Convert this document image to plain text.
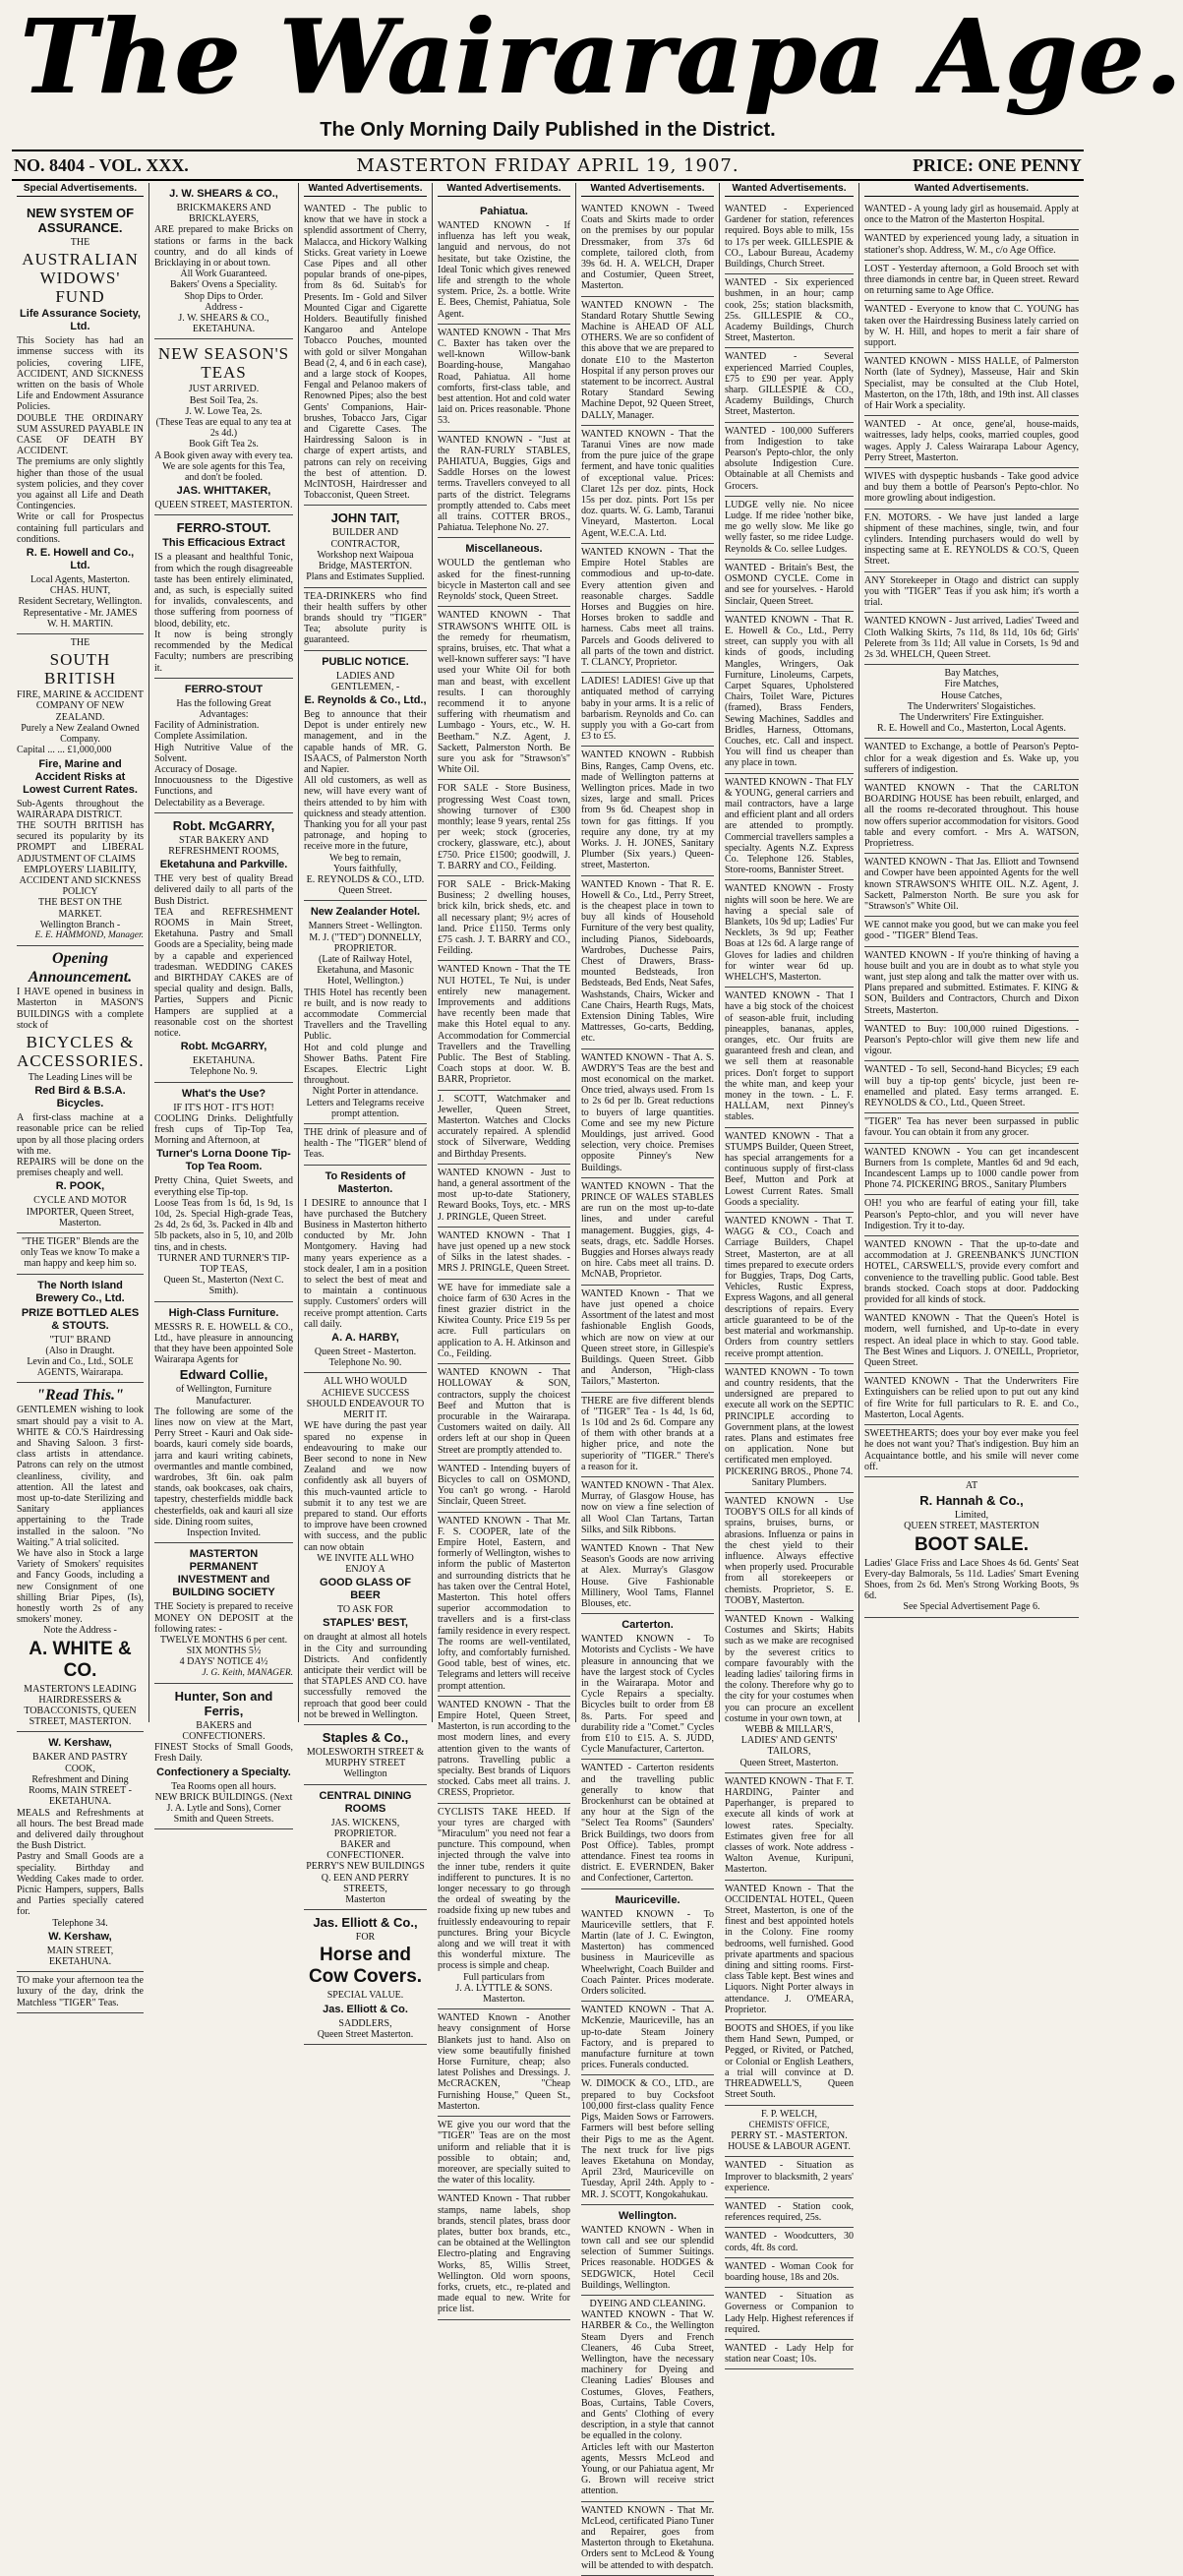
The Wairarapa Age.
The Only Morning Daily Published in the District.
NO. 8404 - VOL. XXX.	MASTERTON FRIDAY APRIL 19, 1907.	PRICE: ONE PENNY
Special Advertisements.

NEW SYSTEM OF ASSURANCE.

THE

AUSTRALIAN WIDOWS' FUND

Life Assurance Society, Ltd.

This Society has had an immense success with its policies, covering LIFE, ACCIDENT, AND SICKNESS written on the basis of Whole Life and Endowment Assurance Policies.

DOUBLE THE ORDINARY SUM ASSURED PAYABLE IN CASE OF DEATH BY ACCIDENT.

The premiums are only slightly higher than those of the usual system policies, and they cover you against all Life and Death Contingencies.

Write or call for Prospectus containing full particulars and conditions.

R. E. Howell and Co., Ltd.

Local Agents, Masterton.

CHAS. HUNT,

Resident Secretary, Wellington.

Representative - Mr. JAMES W. H. MARTIN.

THE

SOUTH BRITISH

FIRE, MARINE & ACCIDENT COMPANY OF NEW ZEALAND.

Purely a New Zealand Owned Company.

Capital ... ... £1,000,000

Fire, Marine and Accident Risks at Lowest Current Rates.

Sub-Agents throughout the WAIRARAPA DISTRICT.

THE SOUTH BRITISH has secured its popularity by its PROMPT and LIBERAL ADJUSTMENT OF CLAIMS

EMPLOYERS' LIABILITY, ACCIDENT AND SICKNESS POLICY

THE BEST ON THE MARKET.

Wellington Branch -

E. E. HAMMOND, Manager.

Opening Announcement.

I HAVE opened in business in Masterton in MASON'S BUILDINGS with a complete stock of

BICYCLES & ACCESSORIES.

The Leading Lines will be

Red Bird & B.S.A. Bicycles.

A first-class machine at a reasonable price can be relied upon by all those placing orders with me.

REPAIRS will be done on the premises cheaply and well.

R. POOK,

CYCLE AND MOTOR IMPORTER, Queen Street, Masterton.

"THE TIGER" Blends are the only Teas we know To make a man happy and keep him so.

The North Island Brewery Co., Ltd.

PRIZE BOTTLED ALES & STOUTS.

"TUI" BRAND

(Also in Draught.

Levin and Co., Ltd., SOLE AGENTS, Wairarapa.

"Read This."

GENTLEMEN wishing to look smart should pay a visit to A. WHITE & CO.'S Hairdressing and Shaving Saloon. 3 first-class artists in attendance. Patrons can rely on the utmost cleanliness, civility, and attention. All the latest and most up-to-date Sterilizing and Sanitary appliances appertaining to the Trade installed in the saloon. "No Waiting." A trial solicited.

We have also in Stock a large Variety of Smokers' requisites and Fancy Goods, including a new Consignment of one shilling Briar Pipes, (Is), honestly worth 2s of any smokers' money.

Note the Address -

A. WHITE & CO.

MASTERTON'S LEADING HAIRDRESSERS & TOBACCONISTS, QUEEN STREET, MASTERTON.

W. Kershaw,

BAKER AND PASTRY COOK,

Refreshment and Dining Rooms, MAIN STREET - EKETAHUNA.

MEALS and Refreshments at all hours. The best Bread made and delivered daily throughout the Bush District.

Pastry and Small Goods are a speciality. Birthday and Wedding Cakes made to order. Picnic Hampers, suppers, Balls and Parties specially catered for.

Telephone 34.

W. Kershaw,

MAIN STREET, EKETAHUNA.

TO make your afternoon tea the luxury of the day, drink the Matchless "TIGER" Teas.

J. W. SHEARS & CO.,

BRICKMAKERS AND BRICKLAYERS,

ARE prepared to make Bricks on stations or farms in the back country, and do all kinds of Bricklaying in or about town.

All Work Guaranteed.

Bakers' Ovens a Speciality.

Shop Dips to Order.

Address -

J. W. SHEARS & CO., EKETAHUNA.

NEW SEASON'S TEAS

JUST ARRIVED.

Best Soil Tea, 2s.

J. W. Lowe Tea, 2s.

(These Teas are equal to any tea at 2s 4d.)

Book Gift Tea 2s.

A Book given away with every tea.

We are sole agents for this Tea, and don't be fooled.

JAS. WHITTAKER,

QUEEN STREET, MASTERTON.

FERRO-STOUT.

This Efficacious Extract

IS a pleasant and healthful Tonic, from which the rough disagreeable taste has been entirely eliminated, and, as such, is especially suited for invalids, convalescents, and those suffering from poorness of blood, debility, etc.

It now is being strongly recommended by the Medical Faculty; numbers are prescribing it.

FERRO-STOUT

Has the following Great Advantages:

Facility of Administration.

Complete Assimilation.

High Nutritive Value of the Solvent.

Accuracy of Dosage.

Innocuousness to the Digestive Functions, and

Delectability as a Beverage.

Robt. McGARRY,

STAR BAKERY AND REFRESHMENT ROOMS,

Eketahuna and Parkville.

THE very best of quality Bread delivered daily to all parts of the Bush District.

TEA and REFRESHMENT ROOMS in Main Street, Eketahuna. Pastry and Small Goods are a Speciality, being made by a capable and experienced tradesman. WEDDING CAKES and BIRTHDAY CAKES are of special quality and design. Balls, Parties, Suppers and Picnic Hampers are supplied at a reasonable cost on the shortest notice.

Robt. McGARRY,

EKETAHUNA.

Telephone No. 9.

What's the Use?

IF IT'S HOT - IT'S HOT!

COOLING Drinks. Delightfully fresh cups of Tip-Top Tea, Morning and Afternoon, at

Turner's Lorna Doone Tip-Top Tea Room.

Pretty China, Quiet Sweets, and everything else Tip-top.

Loose Teas from 1s 6d, 1s 9d, 1s 10d, 2s. Special High-grade Teas, 2s 4d, 2s 6d, 3s. Packed in 4lb and 5lb packets, also in 5, 10, and 20lb tins, and in chests.

TURNER AND TURNER'S TIP-TOP TEAS,

Queen St., Masterton (Next C. Smith).

High-Class Furniture.

MESSRS R. E. HOWELL & CO., Ltd., have pleasure in announcing that they have been appointed Sole Wairarapa Agents for

Edward Collie,

of Wellington, Furniture Manufacturer.

The following are some of the lines now on view at the Mart, Perry Street - Kauri and Oak side-boards, kauri comely side boards, jarra and kauri writing cabinets, overmantles and mantle combined, wardrobes, 3ft 6in. oak palm stands, oak bookcases, oak chairs, tapestry, chesterfields middle back chesterfields, oak and kauri all size side. Dining room suites,

Inspection Invited.

MASTERTON PERMANENT INVESTMENT and BUILDING SOCIETY

THE Society is prepared to receive MONEY ON DEPOSIT at the following rates: -

TWELVE MONTHS 6 per cent.

SIX MONTHS 5½

4 DAYS' NOTICE 4½

J. G. Keith, MANAGER.

Hunter, Son and Ferris,

BAKERS and CONFECTIONERS.

FINEST Stocks of Small Goods, Fresh Daily.

Confectionery a Specialty.

Tea Rooms open all hours.

NEW BRICK BUILDINGS. (Next J. A. Lytle and Sons), Corner Smith and Queen Streets.

Wanted Advertisements.

WANTED - The public to know that we have in stock a splendid assortment of Cherry, Malacca, and Hickory Walking Sticks. Great variety in Loewe Case Pipes and all other popular brands of one-pipes, from 8s 6d. Suitab's for Presents. Im - Gold and Silver Mounted Cigar and Cigarette Holders. Beautifully finished Kangaroo and Antelope Tobacco Pouches, mounted with gold or silver Mongahan Bead (2, 4, and 6 in each case), and a large stock of Koopes, Fengal and Pelanoo makers of Renowned Pipes; also the best Gents' Companions, Hair-brushes, Tobacco Jars, Cigar and Cigarette Cases. The Hairdressing Saloon is in charge of expert artists, and patrons can rely on receiving the best of attention. D. McINTOSH, Hairdresser and Tobacconist, Queen Street.

JOHN TAIT,

BUILDER AND CONTRACTOR,

Workshop next Waipoua Bridge, MASTERTON.

Plans and Estimates Supplied.

TEA-DRINKERS who find their health suffers by other brands should try "TIGER" Tea; absolute purity is guaranteed.

PUBLIC NOTICE.

LADIES AND GENTLEMEN, -

E. Reynolds & Co., Ltd.,

Beg to announce that their Depot is under entirely new management, and in the capable hands of MR. G. ISAACS, of Palmerston North and Napier.

All old customers, as well as new, will have every want of theirs attended to by him with quickness and steady attention.

Thanking you for all your past patronage, and hoping to receive more in the future,

We beg to remain,

Yours faithfully,

E. REYNOLDS & CO., LTD.

Queen Street.

New Zealander Hotel.

Manners Street - Wellington.

M. J. ("TED") DONNELLY, PROPRIETOR.

(Late of Railway Hotel, Eketahuna, and Masonic Hotel, Wellington.)

THIS Hotel has recently been re built, and is now ready to accommodate Commercial Travellers and the Travelling Public.

Hot and cold plunge and Shower Baths. Patent Fire Escapes. Electric Light throughout.

Night Porter in attendance.

Letters and Telegrams receive prompt attention.

THE drink of pleasure and of health - The "TIGER" blend of Teas.

To Residents of Masterton.

I DESIRE to announce that I have purchased the Butchery Business in Masterton hitherto conducted by Mr. John Montgomery. Having had many years experience as a stock dealer, I am in a position to select the best of meat and to maintain a continuous supply. Customers' orders will receive prompt attention. Carts call daily.

A. A. HARBY,

Queen Street - Masterton.

Telephone No. 90.

ALL WHO WOULD ACHIEVE SUCCESS SHOULD ENDEAVOUR TO MERIT IT.

WE have during the past year spared no expense in endeavouring to make our Beer second to none in New Zealand and we now confidently ask all buyers of this much-vaunted article to submit it to any test we are prepared to stand. Our efforts to improve have been crowned with success, and the public can now obtain

WE INVITE ALL WHO ENJOY A

GOOD GLASS OF BEER

TO ASK FOR

STAPLES' BEST,

on draught at almost all hotels in the City and surrounding Districts. And confidently anticipate their verdict will be that STAPLES AND CO. have successfully removed the reproach that good beer could not be brewed in Wellington.

Staples & Co.,

MOLESWORTH STREET & MURPHY STREET

Wellington

CENTRAL DINING ROOMS

JAS. WICKENS,

PROPRIETOR.

BAKER and CONFECTIONER.

PERRY'S NEW BUILDINGS

Q. EEN AND PERRY STREETS,

Masterton

Jas. Elliott & Co.,

FOR

Horse and Cow Covers.

SPECIAL VALUE.

Jas. Elliott & Co.

SADDLERS,

Queen Street Masterton.

Wanted Advertisements.

Pahiatua.

WANTED KNOWN - If influenza has left you weak, languid and nervous, do not hesitate, but take Ozistine, the Ideal Tonic which gives renewed life and strength to the whole system. Price, 2s. a bottle. Write E. Bees, Chemist, Pahiatua, Sole Agent.

WANTED KNOWN - That Mrs C. Baxter has taken over the well-known Willow-bank Boarding-house, Mangahao Road, Pahiatua. All home comforts, first-class table, and best attention. Hot and cold water laid on. Prices reasonable. 'Phone 53.

WANTED KNOWN - "Just at the RAN-FURLY STABLES, PAHIATUA, Buggies, Gigs and Saddle Horses on the lowest terms. Travellers conveyed to all parts of the district. Telegrams promptly attended to. Cabs meet all trains. COTTER BROS., Pahiatua. Telephone No. 27.

Miscellaneous.

WOULD the gentleman who asked for the finest-running bicycle in Masterton call and see Reynolds' stock, Queen Street.

WANTED KNOWN - That STRAWSON'S WHITE OIL is the remedy for rheumatism, sprains, bruises, etc. That what a well-known sufferer says: "I have used your White Oil for both man and beast, with excellent results. I can thoroughly recommend it to anyone suffering with rheumatism and Lumbago - Yours, etc., W. H. Beetham." N.Z. Agent, J. Sackett, Palmerston North. Be sure you ask for "Strawson's" White Oil.

FOR SALE - Store Business, progressing West Coast town, showing turnover of £300 monthly; lease 9 years, rental 25s per week; stock (groceries, crockery, glassware, etc.), about £750. Price £1500; goodwill, J. T. BARRY and CO., Feilding.

FOR SALE - Brick-Making Business; 2 dwelling houses, brick kiln, brick sheds, etc. and all necessary plant; 9½ acres of land. Price £1150. Terms only £75 cash. J. T. BARRY and CO., Feilding.

WANTED Known - That the TE NUI HOTEL, Te Nui, is under entirely new management. Improvements and additions have recently been made that make this Hotel equal to any. Accommodation for Commercial Travellers and the Travelling Public. The Best of Stabling. Coach stops at door. W. B. BARR, Proprietor.

J. SCOTT, Watchmaker and Jeweller, Queen Street, Masterton. Watches and Clocks accurately repaired. A splendid stock of Silverware, Wedding and Birthday Presents.

WANTED KNOWN - Just to hand, a general assortment of the most up-to-date Stationery, Reward Books, Toys, etc. - MRS J. PRINGLE, Queen Street.

WANTED KNOWN - That I have just opened up a new stock of Silks in the latest shades. - MRS J. PRINGLE, Queen Street.

WE have for immediate sale a choice farm of 630 Acres in the finest grazier district in the Kiwitea County. Price £19 5s per acre. Full particulars on application to A. H. Atkinson and Co., Feilding.

WANTED KNOWN - That HOLLOWAY & SON, contractors, supply the choicest Beef and Mutton that is procurable in the Wairarapa. Customers waited on daily. All orders left at our shop in Queen Street are promptly attended to.

WANTED - Intending buyers of Bicycles to call on OSMOND, You can't go wrong. - Harold Sinclair, Queen Street.

WANTED KNOWN - That Mr. F. S. COOPER, late of the Empire Hotel, Eastern, and formerly of Wellington, wishes to inform the public of Masterton and surrounding districts that he has taken over the Central Hotel, Masterton. This hotel offers superior accommodation to travellers and is a first-class family residence in every respect. The rooms are well-ventilated, lofty, and comfortably furnished. Good table, best of wines, etc. Telegrams and letters will receive prompt attention.

WANTED KNOWN - That the Empire Hotel, Queen Street, Masterton, is run according to the most modern lines, and every attention given to the wants of patrons. Travelling public a specialty. Best brands of Liquors stocked. Cabs meet all trains. J. CRESS, Proprietor.

CYCLISTS TAKE HEED. If your tyres are charged with "Miraculum" you need not fear a puncture. This compound, when injected through the valve into the inner tube, renders it quite indifferent to punctures. It is no longer necessary to go through the ordeal of sweating by the roadside fixing up new tubes and fruitlessly endeavouring to repair punctures. Bring your Bicycle along and we will treat it with this wonderful mixture. The process is simple and cheap.

Full particulars from

J. A. LYTTLE & SONS.

Masterton.

WANTED Known - Another heavy consignment of Horse Blankets just to hand. Also on view some beautifully finished Horse Furniture, cheap; also latest Polishes and Dressings. J. McCRACKEN, "Cheap Furnishing House," Queen St., Masterton.

WE give you our word that the "TIGER" Teas are on the most uniform and reliable that it is possible to obtain; and, moreover, are specially suited to the water of this locality.

WANTED Known - That rubber stamps, name labels, shop brands, stencil plates, brass door plates, butter box brands, etc., can be obtained at the Wellington Electro-plating and Engraving Works, 85, Willis Street, Wellington. Old worn spoons, forks, cruets, etc., re-plated and made equal to new. Write for price list.

Wanted Advertisements.

WANTED KNOWN - Tweed Coats and Skirts made to order on the premises by our popular Dressmaker, from 37s 6d complete, tailored cloth, from 39s 6d. H. A. WELCH, Draper and Costumier, Queen Street, Masterton.

WANTED KNOWN - The Standard Rotary Shuttle Sewing Machine is AHEAD OF ALL OTHERS. We are so confident of this above that we are prepared to donate £10 to the Masterton Hospital if any person proves our statement to be incorrect. Austral Rotary Standard Sewing Machine Depot, 92 Queen Street, DALLY, Manager.

WANTED KNOWN - That the Taranui Vines are now made from the pure juice of the grape ferment, and have tonic qualities of exceptional value. Prices: Claret 12s per doz. pints, Hock 15s per doz. pints. Port 15s per doz. quarts. W. G. Lamb, Taranui Vineyard, Masterton. Local Agent, W.E.C.A. Ltd.

WANTED KNOWN - That the Empire Hotel Stables are commodious and up-to-date. Every attention given and reasonable charges. Saddle Horses and Buggies on hire. Horses broken to saddle and harness. Cabs meet all trains. Parcels and Goods delivered to all parts of the town and district. T. CLANCY, Proprietor.

LADIES! LADIES! Give up that antiquated method of carrying baby in your arms. It is a relic of barbarism. Reynolds and Co. can supply you with a Go-cart from £3 to £5.

WANTED KNOWN - Rubbish Bins, Ranges, Camp Ovens, etc. made of Wellington patterns at Wellington prices. Made in two sizes, large and small. Prices from 9s 6d. Cheapest shop in town for gas fittings. If you require any done, try at my Works. J. H. JONES, Sanitary Plumber (Six years.) Queen-street, Masterton.

WANTED Known - That R. E. Howell & Co., Ltd., Perry Street, is the cheapest place in town to buy all kinds of Household Furniture of the very best quality, including Pianos, Sideboards, Wardrobes, Duchesse Pairs, Chest of Drawers, Brass-mounted Bedsteads, Iron Bedsteads, Bed Ends, Neat Safes, Washstands, Chairs, Wicker and Cane Chairs, Hearth Rugs, Mats, Extension Dining Tables, Wire Mattresses, Go-carts, Bedding, etc.

WANTED KNOWN - That A. S. AWDRY'S Teas are the best and most economical on the market. Once tried, always used. From 1s to 2s 6d per lb. Great reductions to buyers of large quantities. Come and see my new Picture Mouldings, just arrived. Good selection, very choice. Premises opposite Pinney's New Buildings.

WANTED KNOWN - That the PRINCE OF WALES STABLES are run on the most up-to-date lines, and under careful management. Buggies, gigs, 4-seats, drags, etc. Saddle Horses. Buggies and Horses always ready on hire. Cabs meet all trains. D. McNAB, Proprietor.

WANTED Known - That we have just opened a choice Assortment of the latest and most fashionable English Goods, which are now on view at our Queen street store, in Gillespie's Buildings. Queen Street. Gibb and Anderson, "High-class Tailors," Masterton.

THERE are five different blends of "TIGER" Tea - 1s 4d, 1s 6d, 1s 10d and 2s 6d. Compare any of them with other brands at a higher price, and note the superiority of "TIGER." There's a reason for it.

WANTED KNOWN - That Alex. Murray, of Glasgow House, has now on view a fine selection of all Wool Clan Tartans, Tartan Silks, and Silk Ribbons.

WANTED Known - That New Season's Goods are now arriving at Alex. Murray's Glasgow House. Give Fashionable Millinery, Wool Tams, Flannel Blouses, etc.

Carterton.

WANTED KNOWN - To Motorists and Cyclists - We have pleasure in announcing that we have the largest stock of Cycles in the Wairarapa. Motor and Cycle Repairs a specialty. Bicycles built to order from £8 8s. Parts. For speed and durability ride a "Comet." Cycles from £10 to £15. A. S. JUDD, Cycle Manufacturer, Carterton.

WANTED - Carterton residents and the travelling public generally to know that Brockenhurst can be obtained at any hour at the Sign of the "Select Tea Rooms" (Saunders' Brick Buildings, two doors from Post Office). Tables, prompt attendance. Finest tea rooms in district. E. EVERNDEN, Baker and Confectioner, Carterton.

Mauriceville.

WANTED KNOWN - To Mauriceville settlers, that F. Martin (late of J. C. Ewington, Masterton) has commenced business in Mauriceville as Wheelwright, Coach Builder and Coach Painter. Prices moderate. Orders solicited.

WANTED KNOWN - That A. McKenzie, Mauriceville, has an up-to-date Steam Joinery Factory, and is prepared to manufacture furniture at town prices. Funerals conducted.

W. DIMOCK & CO., LTD., are prepared to buy Cocksfoot 100,000 first-class quality Fence Pigs, Maiden Sows or Farrowers. Farmers will best before selling their Pigs to me as the Agent. The next truck for live pigs leaves Eketahuna on Monday, April 23rd, Mauriceville on Tuesday, April 24th. Apply to - MR. J. SCOTT, Kongokahukau.

Wellington.

WANTED KNOWN - When in town call and see our splendid selection of Summer Suitings. Prices reasonable. HODGES & SEDGWICK, Hotel Cecil Buildings, Wellington.

DYEING AND CLEANING.

WANTED KNOWN - That W. HARBER & Co., the Wellington Steam Dyers and French Cleaners, 46 Cuba Street, Wellington, have the necessary machinery for Dyeing and Cleaning Ladies' Blouses and Costumes, Gloves, Feathers, Boas, Curtains, Table Covers, and Gents' Clothing of every description, in a style that cannot be equalled in the colony.

Articles left with our Masterton agents, Messrs McLeod and Young, or our Pahiatua agent, Mr G. Brown will receive strict attention.

WANTED KNOWN - That Mr. McLeod, certificated Piano Tuner and Repairer, goes from Masterton through to Eketahuna. Orders sent to McLeod & Young will be attended to with despatch.

Wanted Advertisements.

WANTED - Experienced Gardener for station, references required. Boys able to milk, 15s to 17s per week. GILLESPIE & CO., Labour Bureau, Academy Buildings, Church Street.

WANTED - Six experienced bushmen, in an hour; camp cook, 25s; station blacksmith, 25s. GILLESPIE & CO., Academy Buildings, Church Street, Masterton.

WANTED - Several experienced Married Couples, £75 to £90 per year. Apply sharp. GILLESPIE & CO., Academy Buildings, Church Street, Masterton.

WANTED - 100,000 Sufferers from Indigestion to take Pearson's Pepto-chlor, the only absolute Indigestion Cure. Obtainable at all Chemists and Grocers.

LUDGE velly nie. No nicee Ludge. If me ridee 'nother bike, me go welly slow. Me like go welly faster, so me ridee Ludge. Reynolds & Co. sellee Ludges.

WANTED - Britain's Best, the OSMOND CYCLE. Come in and see for yourselves. - Harold Sinclair, Queen Street.

WANTED KNOWN - That R. E. Howell & Co., Ltd., Perry street, can supply you with all kinds of goods, including Mangles, Wringers, Oak Furniture, Linoleums, Carpets, Carpet Squares, Upholstered Chairs, Toilet Ware, Pictures (framed), Brass Fenders, Sewing Machines, Saddles and Bridles, Harness, Ottomans, Couches, etc. Call and inspect. You will find us cheaper than any place in town.

WANTED KNOWN - That FLY & YOUNG, general carriers and mail contractors, have a large and efficient plant and all orders are attended to promptly. Commercial travellers samples a specialty. Agents N.Z. Express Co. Telephone 126. Stables, Store-rooms, Bannister Street.

WANTED KNOWN - Frosty nights will soon be here. We are having a special sale of Blankets, 10s 9d up; Ladies' Fur Necklets, 3s 9d up; Feather Boas at 12s 6d. A large range of Gloves for ladies and children for winter wear 6d up. WHELCH'S, Masterton.

WANTED KNOWN - That I have a big stock of the choicest of season-able fruit, including pineapples, bananas, apples, oranges, etc. Our fruits are guaranteed fresh and clean, and we sell them at reasonable prices. Don't forget to support the white man, and keep your money in the town. - L. F. HALLAM, next Pinney's stables.

WANTED KNOWN - That a STUMPS Builder, Queen Street, has special arrangements for a continuous supply of first-class Beef, Mutton and Pork at Lowest Current Rates. Small Goods a speciality.

WANTED KNOWN - That T. WAGG & CO., Coach and Carriage Builders, Chapel Street, Masterton, are at all times prepared to execute orders for Buggies, Traps, Dog Carts, Vehicles, Rustic Express, Express Wagons, and all general descriptions of repairs. Every article guaranteed to be of the best material and workmanship. Orders from country settlers receive prompt attention.

WANTED KNOWN - To town and country residents, that the undersigned are prepared to execute all work on the SEPTIC PRINCIPLE according to Government plans, at the lowest rates. Plans and estimates free on application. None but certificated men employed.

PICKERING BROS., Phone 74. Sanitary Plumbers.

WANTED KNOWN - Use TOOBY'S OILS for all kinds of sprains, bruises, burns, or abrasions. Influenza or pains in the chest yield to their influence. Always effective when properly used. Procurable from all storekeepers or chemists. Proprietor, S. E. TOOBY, Masterton.

WANTED Known - Walking Costumes and Skirts; Habits such as we make are recognised by the severest critics to compare favourably with the leading ladies' tailoring firms in the colony. Therefore why go to the city for your costumes when you can procure an excellent costume in your own town, at

WEBB & MILLAR'S,

LADIES' AND GENTS' TAILORS,

Queen Street, Masterton.

WANTED KNOWN - That F. T. HARDING, Painter and Paperhanger, is prepared to execute all kinds of work at lowest rates. Specialty. Estimates given free for all classes of work. Note address - Walton Avenue, Kuripuni, Masterton.

WANTED Known - That the OCCIDENTAL HOTEL, Queen Street, Masterton, is one of the finest and best appointed hotels in the Colony. Fine roomy bedrooms, well furnished. Good private apartments and spacious dining and sitting rooms. First-class Table kept. Best wines and Liquors. Night Porter always in attendance. J. O'MEARA, Proprietor.

BOOTS and SHOES, if you like them Hand Sewn, Pumped, or Pegged, or Rivited, or Patched, or Colonial or English Leathers, a trial will convince at D. THREADWELL'S, Queen Street South.

F. P. WELCH,

CHEMISTS' OFFICE,

PERRY ST. - MASTERTON.

HOUSE & LABOUR AGENT.

WANTED - Situation as Improver to blacksmith, 2 years' experience.

WANTED - Station cook, references required, 25s.

WANTED - Woodcutters, 30 cords, 4ft. 8s cord.

WANTED - Woman Cook for boarding house, 18s and 20s.

WANTED - Situation as Governess or Companion to Lady Help. Highest references if required.

WANTED - Lady Help for station near Coast; 10s.

Wanted Advertisements.

WANTED - A young lady girl as housemaid. Apply at once to the Matron of the Masterton Hospital.

WANTED by experienced young lady, a situation in stationer's shop. Address, W. M., c/o Age Office.

LOST - Yesterday afternoon, a Gold Brooch set with three diamonds in centre bar, in Queen street. Reward on returning same to Age Office.

WANTED - Everyone to know that C. YOUNG has taken over the Hairdressing Business lately carried on by W. H. Hill, and hopes to merit a fair share of support.

WANTED KNOWN - MISS HALLE, of Palmerston North (late of Sydney), Masseuse, Hair and Skin Specialist, may be consulted at the Club Hotel, Masterton, on the 17th, 18th, and 19th inst. All classes of Hair Work a speciality.

WANTED - At once, gene'al, house-maids, waitresses, lady helps, cooks, married couples, good wages. Apply J. Caless Wairarapa Labour Agency, Perry Street, Masterton.

WIVES with dyspeptic husbands - Take good advice and buy them a bottle of Pearson's Pepto-chlor. No more growling about indigestion.

F.N. MOTORS. - We have just landed a large shipment of these machines, single, twin, and four cylinders. Intending purchasers would do well by inspecting same at E. REYNOLDS & CO.'S, Queen Street.

ANY Storekeeper in Otago and district can supply you with "TIGER" Teas if you ask him; it's worth a trial.

WANTED KNOWN - Just arrived, Ladies' Tweed and Cloth Walking Skirts, 7s 11d, 8s 11d, 10s 6d; Girls' Pelerete from 3s 11d; All value in Corsets, 1s 9d and 2s 3d. WHELCH, Queen Street.

Bay Matches,

Fire Matches,

House Catches,

The Underwriters' Slogaistiches.

The Underwriters' Fire Extinguisher.

R. E. Howell and Co., Masterton, Local Agents.

WANTED to Exchange, a bottle of Pearson's Pepto-chlor for a weak digestion and £s. Wake up, you sufferers of indigestion.

WANTED KNOWN - That the CARLTON BOARDING HOUSE has been rebuilt, enlarged, and all the rooms re-decorated throughout. This house now offers superior accommodation for visitors. Good table and every comfort. - Mrs A. WATSON, Proprietress.

WANTED KNOWN - That Jas. Elliott and Townsend and Cowper have been appointed Agents for the well known STRAWSON'S WHITE OIL. N.Z. Agent, J. Sackett, Palmerston North. Be sure you ask for "Strawson's" White Oil.

WE cannot make you good, but we can make you feel good - "TIGER" Blend Teas.

WANTED KNOWN - If you're thinking of having a house built and you are in doubt as to what style you want, just step along and talk the matter over with us. Plans prepared and submitted. Estimates. F. KING & SON, Builders and Contractors, Church and Dixon Streets, Masterton.

WANTED to Buy: 100,000 ruined Digestions. - Pearson's Pepto-chlor will give them new life and vigour.

WANTED - To sell, Second-hand Bicycles; £9 each will buy a tip-top gents' bicycle, just been re-enamelled and plated. Easy terms arranged. E. REYNOLDS & CO., Ltd., Queen Street.

"TIGER" Tea has never been surpassed in public favour. You can obtain it from any grocer.

WANTED KNOWN - You can get incandescent Burners from 1s complete, Mantles 6d and 9d each, Incandescent Lamps up to 1000 candle power from Phone 74. PICKERING BROS., Sanitary Plumbers

OH! you who are fearful of eating your fill, take Pearson's Pepto-chlor, and you will never have Indigestion. Try it to-day.

WANTED KNOWN - That the up-to-date and accommodation at J. GREENBANK'S JUNCTION HOTEL, CARSWELL'S, provide every comfort and convenience to the travelling public. Good table. Best brands stocked. Coach stops at door. Paddocking provided for all kinds of stock.

WANTED KNOWN - That the Queen's Hotel is modern, well furnished, and Up-to-date in every respect. An ideal place in which to stay. Good table. The Best Wines and Liquors. J. O'NEILL, Proprietor, Queen Street.

WANTED KNOWN - That the Underwriters Fire Extinguishers can be relied upon to put out any kind of fire Write for full particulars to R. E. and Co., Masterton, Local Agents.

SWEETHEARTS; does your boy ever make you feel he does not want you? That's indigestion. Buy him an Acquaintance bottle, and his smile will never come off.

AT

R. Hannah & Co.,

Limited,

QUEEN STREET, MASTERTON

BOOT SALE.

Ladies' Glace Friss and Lace Shoes 4s 6d. Gents' Seat Every-day Balmorals, 5s 11d. Ladies' Smart Evening Shoes, from 2s 6d. Men's Strong Working Boots, 9s 6d.

See Special Advertisement Page 6.
